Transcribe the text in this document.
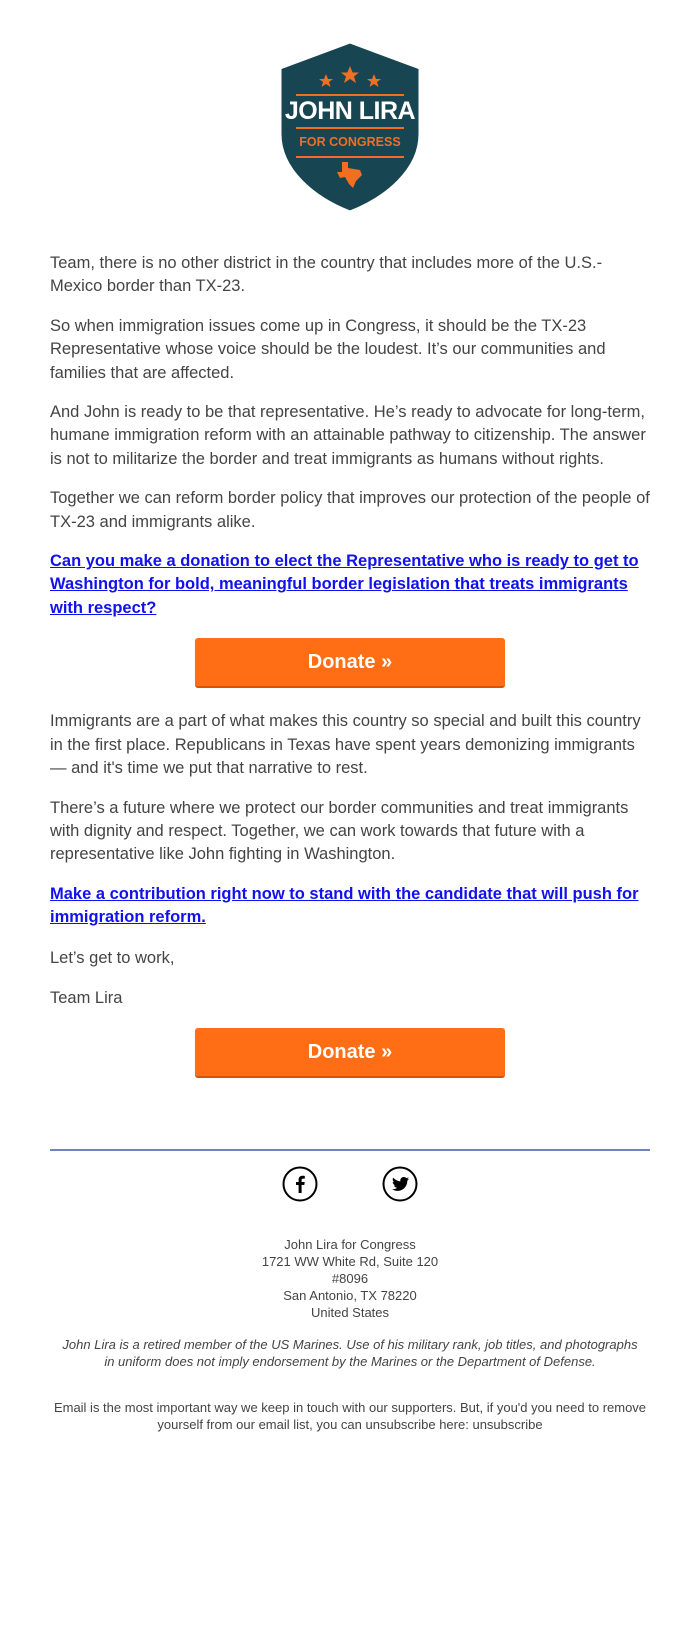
JOHN LIRA
FOR CONGRESS

Team, there is no other district in the country that includes more of the U.S.-Mexico border than TX-23.

So when immigration issues come up in Congress, it should be the TX-23 Representative whose voice should be the loudest. It’s our communities and families that are affected.

And John is ready to be that representative. He’s ready to advocate for long-term, humane immigration reform with an attainable pathway to citizenship. The answer is not to militarize the border and treat immigrants as humans without rights.

Together we can reform border policy that improves our protection of the people of TX-23 and immigrants alike.

Can you make a donation to elect the Representative who is ready to get to Washington for bold, meaningful border legislation that treats immigrants with respect?
Donate »

Immigrants are a part of what makes this country so special and built this country in the first place. Republicans in Texas have spent years demonizing immigrants — and it's time we put that narrative to rest.

There’s a future where we protect our border communities and treat immigrants with dignity and respect. Together, we can work towards that future with a representative like John fighting in Washington.

Make a contribution right now to stand with the candidate that will push for immigration reform.

Let’s get to work,

Team Lira

Donate »
John Lira for Congress
1721 WW White Rd, Suite 120
#8096
San Antonio, TX 78220
United States
John Lira is a retired member of the US Marines. Use of his military rank, job titles, and photographs in uniform does not imply endorsement by the Marines or the Department of Defense.
Email is the most important way we keep in touch with our supporters. But, if you'd you need to remove yourself from our email list, you can unsubscribe here: unsubscribe
